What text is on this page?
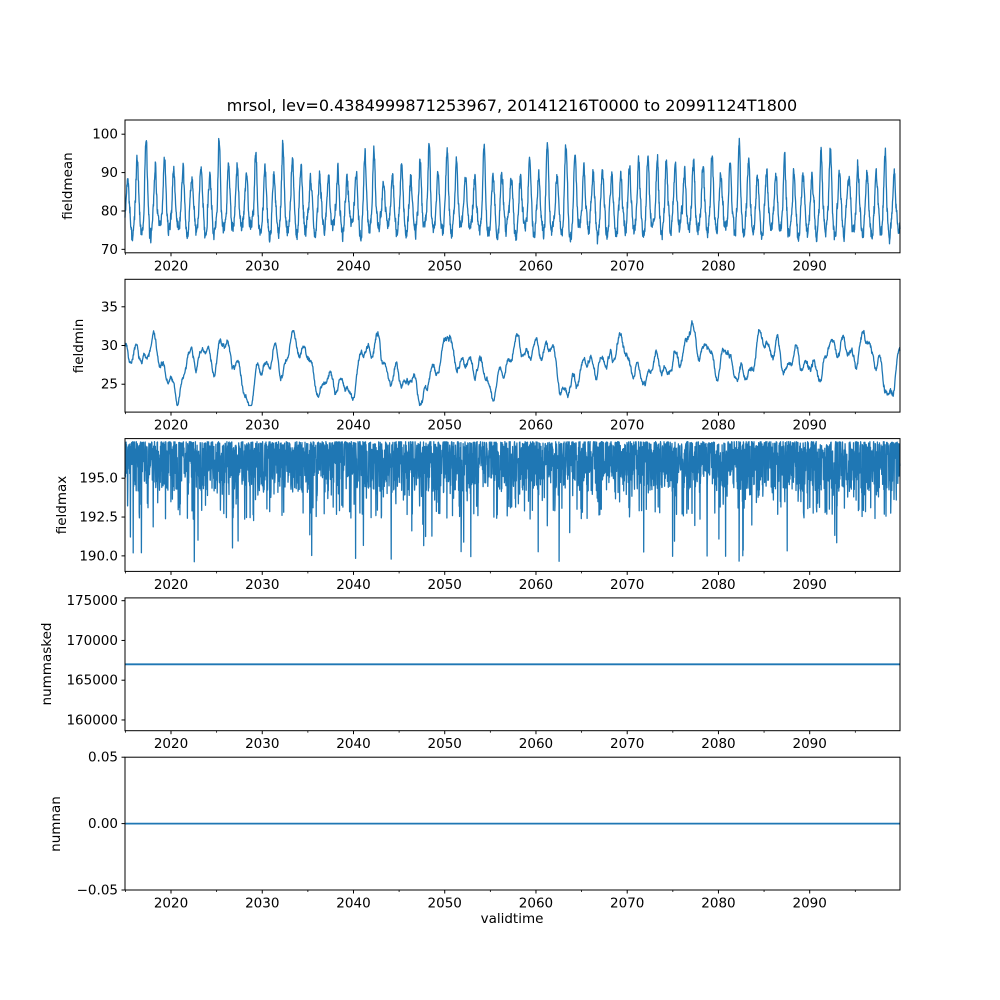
mrsol, lev=0.4384999871253967, 20141216T0000 to 20991124T1800
fieldmean
fieldmin
fieldmax
nummasked
numnan
validtime
70
80
90
100
2020	2030	2040	2050	2060	2070	2080	2090
25
30
35
2020	2030	2040	2050	2060	2070	2080	2090
190.0
192.5
195.0
2020	2030	2040	2050	2060	2070	2080	2090
160000
165000
170000
175000
2020	2030	2040	2050	2060	2070	2080	2090
−0.05
0.00
0.05
2020	2030	2040	2050	2060	2070	2080	2090
